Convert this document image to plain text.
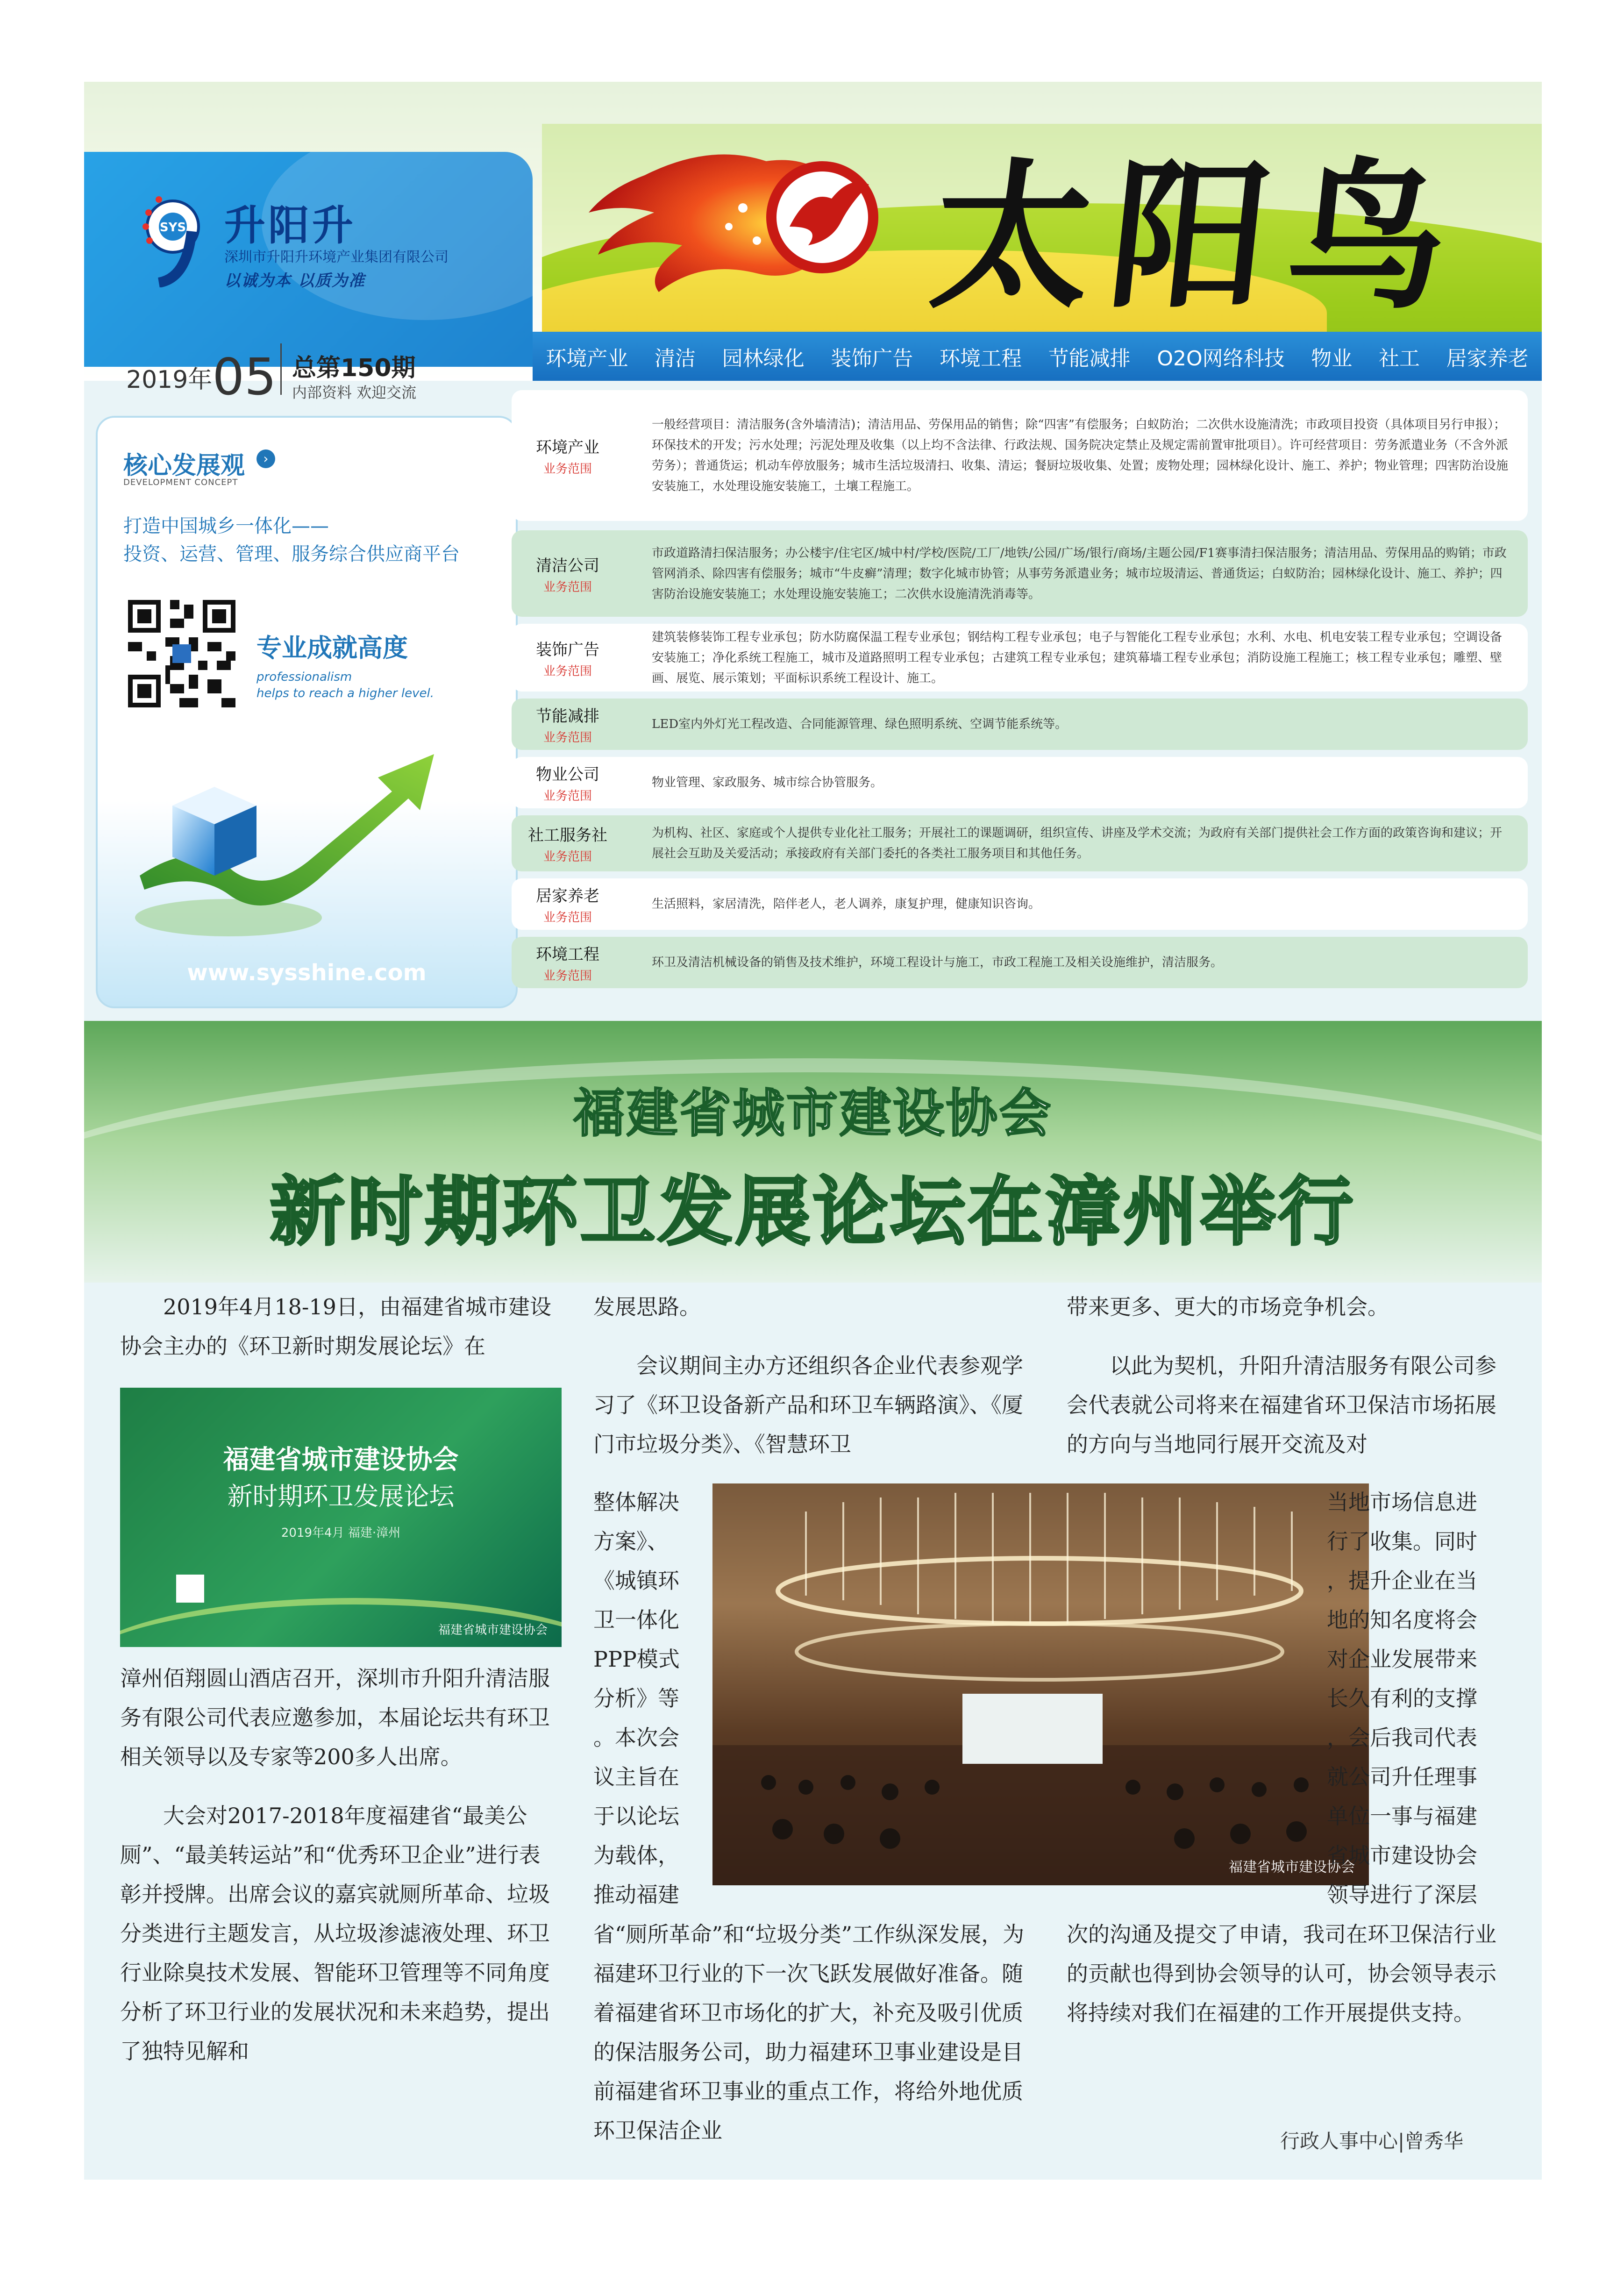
SYS 升阳升
深圳市升阳升环境产业集团有限公司
以诚为本 以质为准	太阳鸟
2019年05 总第150期
内部资料 欢迎交流
环境产业 清洁 园林绿化 装饰广告 环境工程 节能减排 O2O网络科技 物业 社工 居家养老
核心发展观	›
DEVELOPMENT CONCEPT
打造中国城乡一体化——
投资、运营、管理、服务综合供应商平台
专业成就高度
professionalism
helps to reach a higher level.
www.sysshine.com
环境产业
业务范围
一般经营项目：清洁服务(含外墙清洁)；清洁用品、劳保用品的销售；除“四害”有偿服务；白蚁防治；二次供水设施清洗；市政项目投资（具体项目另行申报）；环保技术的开发；污水处理；污泥处理及收集（以上均不含法律、行政法规、国务院决定禁止及规定需前置审批项目）。许可经营项目：劳务派遣业务（不含外派劳务）；普通货运；机动车停放服务；城市生活垃圾清扫、收集、清运；餐厨垃圾收集、处置；废物处理；园林绿化设计、施工、养护；物业管理；四害防治设施安装施工，水处理设施安装施工，土壤工程施工。
清洁公司
业务范围
市政道路清扫保洁服务；办公楼宇/住宅区/城中村/学校/医院/工厂/地铁/公园/广场/银行/商场/主题公园/F1赛事清扫保洁服务；清洁用品、劳保用品的购销；市政管网消杀、除四害有偿服务；城市“牛皮癣”清理；数字化城市协管；从事劳务派遣业务；城市垃圾清运、普通货运；白蚁防治；园林绿化设计、施工、养护；四害防治设施安装施工；水处理设施安装施工；二次供水设施清洗消毒等。
装饰广告
业务范围
建筑装修装饰工程专业承包；防水防腐保温工程专业承包；钢结构工程专业承包；电子与智能化工程专业承包；水利、水电、机电安装工程专业承包；空调设备安装施工；净化系统工程施工，城市及道路照明工程专业承包；古建筑工程专业承包；建筑幕墙工程专业承包；消防设施工程施工；核工程专业承包；雕塑、壁画、展览、展示策划；平面标识系统工程设计、施工。
节能减排
业务范围
LED室内外灯光工程改造、合同能源管理、绿色照明系统、空调节能系统等。
物业公司
业务范围
物业管理、家政服务、城市综合协管服务。
社工服务社
业务范围
为机构、社区、家庭或个人提供专业化社工服务；开展社工的课题调研，组织宣传、讲座及学术交流；为政府有关部门提供社会工作方面的政策咨询和建议；开展社会互助及关爱活动；承接政府有关部门委托的各类社工服务项目和其他任务。
居家养老
业务范围
生活照料，家居清洗，陪伴老人，老人调养，康复护理，健康知识咨询。
环境工程
业务范围
环卫及清洁机械设备的销售及技术维护，环境工程设计与施工，市政工程施工及相关设施维护，清洁服务。
福建省城市建设协会
新时期环卫发展论坛在漳州举行

2019年4月18-19日，由福建省城市建设协会主办的《环卫新时期发展论坛》在

福建省城市建设协会
新时期环卫发展论坛
2019年4月 福建·漳州
福建省城市建设协会

漳州佰翔圆山酒店召开，深圳市升阳升清洁服务有限公司代表应邀参加，本届论坛共有环卫相关领导以及专家等200多人出席。

大会对2017-2018年度福建省“最美公厕”、“最美转运站”和“优秀环卫企业”进行表彰并授牌。出席会议的嘉宾就厕所革命、垃圾分类进行主题发言，从垃圾渗滤液处理、环卫行业除臭技术发展、智能环卫管理等不同角度分析了环卫行业的发展状况和未来趋势，提出了独特见解和

发展思路。

会议期间主办方还组织各企业代表参观学习了《环卫设备新产品和环卫车辆路演》、《厦门市垃圾分类》、《智慧环卫

整体解决
方案》、
《城镇环
卫一体化
PPP模式
分析》等
。本次会
议主旨在
于以论坛
为载体，
推动福建

省“厕所革命”和“垃圾分类”工作纵深发展，为福建环卫行业的下一次飞跃发展做好准备。随着福建省环卫市场化的扩大，补充及吸引优质的保洁服务公司，助力福建环卫事业建设是目前福建省环卫事业的重点工作，将给外地优质环卫保洁企业

福建省城市建设协会

带来更多、更大的市场竞争机会。

以此为契机，升阳升清洁服务有限公司参会代表就公司将来在福建省环卫保洁市场拓展的方向与当地同行展开交流及对

当地市场信息进
行了收集。同时
，提升企业在当
地的知名度将会
对企业发展带来
长久有利的支撑
，会后我司代表
就公司升任理事
单位一事与福建
省城市建设协会
领导进行了深层

次的沟通及提交了申请，我司在环卫保洁行业的贡献也得到协会领导的认可，协会领导表示将持续对我们在福建的工作开展提供支持。

行政人事中心|曾秀华
